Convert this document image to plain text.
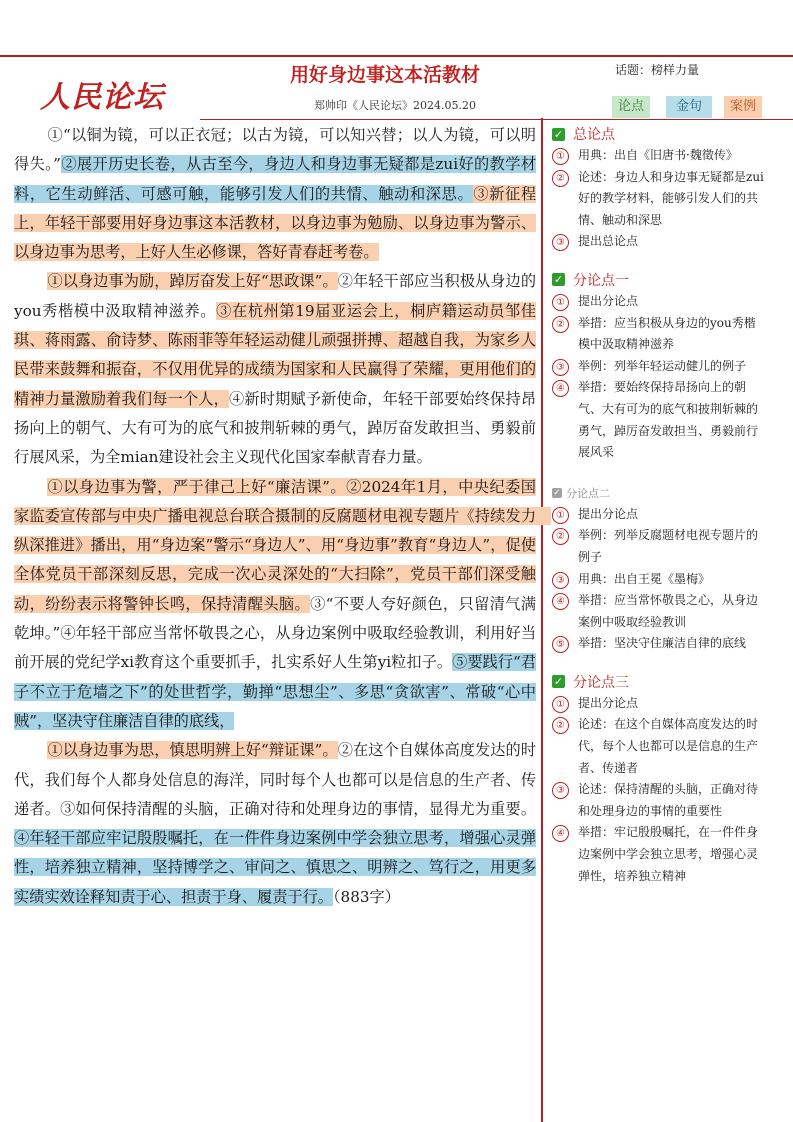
人民论坛
用好身边事这本活教材
郑帅印《人民论坛》2024.05.20
话题：榜样力量
论点	金句	案例

①“以铜为镜，可以正衣冠；以古为镜，可以知兴替；以人为镜，可以明得失。”②展开历史长卷，从古至今，身边人和身边事无疑都是zui好的教学材料，它生动鲜活、可感可触，能够引发人们的共情、触动和深思。③新征程上，年轻干部要用好身边事这本活教材，以身边事为勉励、以身边事为警示、以身边事为思考，上好人生必修课，答好青春赶考卷。

①以身边事为励，踔厉奋发上好“思政课”。②年轻干部应当积极从身边的you秀楷模中汲取精神滋养。③在杭州第19届亚运会上，桐庐籍运动员邹佳琪、蒋雨露、俞诗梦、陈雨菲等年轻运动健儿顽强拼搏、超越自我，为家乡人民带来鼓舞和振奋，不仅用优异的成绩为国家和人民赢得了荣耀，更用他们的精神力量激励着我们每一个人，④新时期赋予新使命，年轻干部要始终保持昂扬向上的朝气、大有可为的底气和披荆斩棘的勇气，踔厉奋发敢担当、勇毅前行展风采，为全mian建设社会主义现代化国家奉献青春力量。

①以身边事为警，严于律己上好“廉洁课”。②2024年1月，中央纪委国家监委宣传部与中央广播电视总台联合摄制的反腐题材电视专题片《持续发力　纵深推进》播出，用“身边案”警示“身边人”、用“身边事”教育“身边人”，促使全体党员干部深刻反思，完成一次心灵深处的“大扫除”，党员干部们深受触动，纷纷表示将警钟长鸣，保持清醒头脑。③“不要人夸好颜色，只留清气满乾坤。”④年轻干部应当常怀敬畏之心，从身边案例中吸取经验教训，利用好当前开展的党纪学xi教育这个重要抓手，扎实系好人生第yi粒扣子。⑤要践行“君子不立于危墙之下”的处世哲学，勤掸“思想尘”、多思“贪欲害”、常破“心中贼”，坚决守住廉洁自律的底线，

①以身边事为思，慎思明辨上好“辩证课”。②在这个自媒体高度发达的时代，我们每个人都身处信息的海洋，同时每个人也都可以是信息的生产者、传递者。③如何保持清醒的头脑，正确对待和处理身边的事情，显得尤为重要。④年轻干部应牢记殷殷嘱托，在一件件身边案例中学会独立思考，增强心灵弹性，培养独立精神，坚持博学之、审问之、慎思之、明辨之、笃行之，用更多实绩实效诠释知责于心、担责于身、履责于行。（883字）

✓ 总论点
①	用典：出自《旧唐书·魏徵传》
②	论述：身边人和身边事无疑都是zui好的教学材料，能够引发人们的共情、触动和深思
③	提出总论点
✓ 分论点一
①	提出分论点
②	举措：应当积极从身边的you秀楷模中汲取精神滋养
③	举例：列举年轻运动健儿的例子
④	举措：要始终保持昂扬向上的朝气、大有可为的底气和披荆斩棘的勇气，踔厉奋发敢担当、勇毅前行展风采
✓ 分论点二
①	提出分论点
②	举例：列举反腐题材电视专题片的例子
③	用典：出自王冕《墨梅》
④	举措：应当常怀敬畏之心，从身边案例中吸取经验教训
⑤	举措：坚决守住廉洁自律的底线
✓ 分论点三
①	提出分论点
②	论述：在这个自媒体高度发达的时代，每个人也都可以是信息的生产者、传递者
③	论述：保持清醒的头脑，正确对待和处理身边的事情的重要性
④	举措：牢记殷殷嘱托，在一件件身边案例中学会独立思考，增强心灵弹性，培养独立精神
